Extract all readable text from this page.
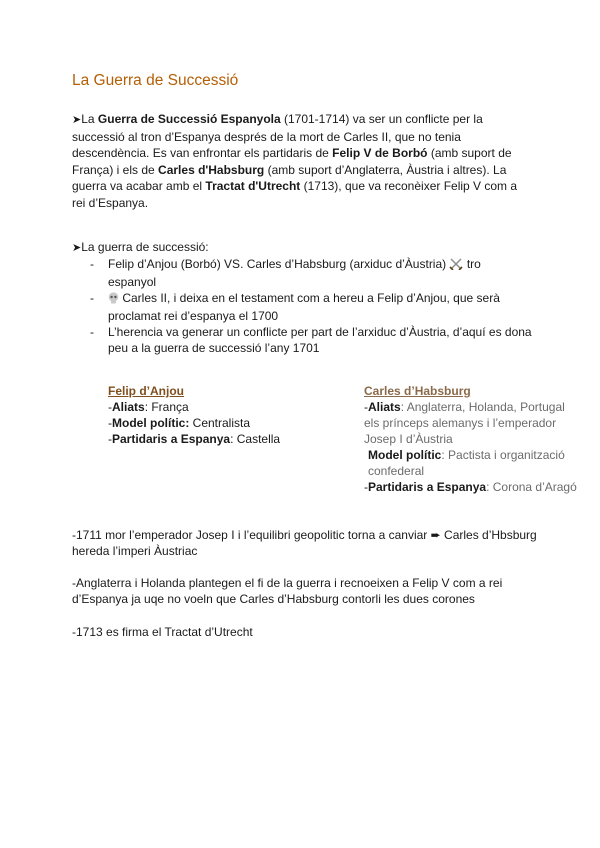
La Guerra de Successió

➤La Guerra de Successió Espanyola (1701-1714) va ser un conflicte per la successió al tron d’Espanya després de la mort de Carles II, que no tenia descendència. Es van enfrontar els partidaris de Felip V de Borbó (amb suport de França) i els de Carles d'Habsburg (amb suport d’Anglaterra, Àustria i altres). La guerra va acabar amb el Tractat d'Utrecht (1713), que va reconèixer Felip V com a rei d’Espanya.

➤La guerra de successió:

- Felip d’Anjou (Borbó) VS. Carles d’Habsburg (arxiduc d’Àustria)  tro espanyol
- Carles II, i deixa en el testament com a hereu a Felip d’Anjou, que serà proclamat rei d’espanya el 1700
- L’herencia va generar un conflicte per part de l’arxiduc d’Àustria, d’aquí es dona peu a la guerra de successió l’any 1701
Felip d’Anjou
-Aliats: França
-Model polític: Centralista
-Partidaris a Espanya: Castella
Carles d’Habsburg
-Aliats: Anglaterra, Holanda, Portugal els prínceps alemanys i l’emperador Josep I d’Àustria
Model polític: Pactista i organització confederal
-Partidaris a Espanya: Corona d’Aragó

-1711 mor l’emperador Josep I i l’equilibri geopolitic torna a canviar ➨ Carles d’Hbsburg hereda l’imperi Àustriac

-Anglaterra i Holanda plantegen el fi de la guerra i recnoeixen a Felip V com a rei d’Espanya ja uqe no voeln que Carles d’Habsburg contorli les dues corones

-1713 es firma el Tractat d’Utrecht
